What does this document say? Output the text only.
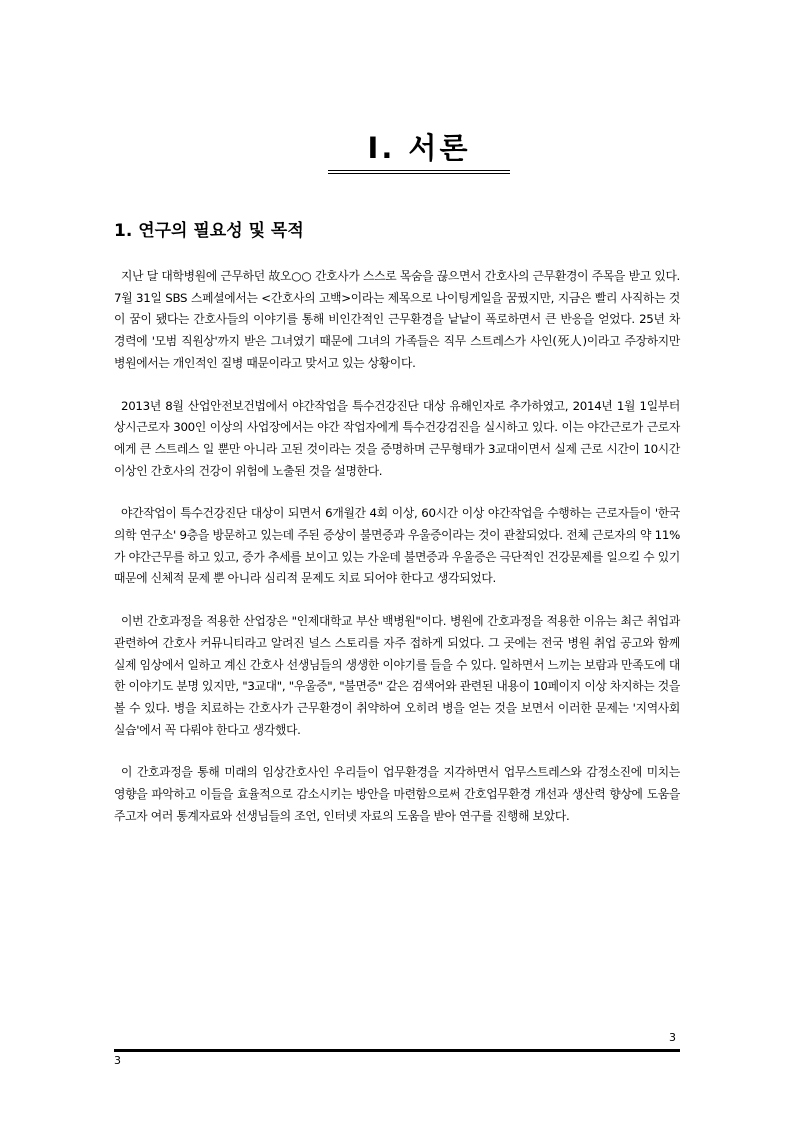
Ⅰ. 서론
1. 연구의 필요성 및 목적

지난 달 대학병원에 근무하던 故오○○ 간호사가 스스로 목숨을 끊으면서 간호사의 근무환경이 주목을 받고 있다. 7월 31일 SBS 스페셜에서는 <간호사의 고백>이라는 제목으로 나이팅게일을 꿈꿨지만, 지금은 빨리 사직하는 것이 꿈이 됐다는 간호사들의 이야기를 통해 비인간적인 근무환경을 낱낱이 폭로하면서 큰 반응을 얻었다. 25년 차 경력에 '모범 직원상'까지 받은 그녀였기 때문에 그녀의 가족들은 직무 스트레스가 사인(死人)이라고 주장하지만 병원에서는 개인적인 질병 때문이라고 맞서고 있는 상황이다.

2013년 8월 산업안전보건법에서 야간작업을 특수건강진단 대상 유해인자로 추가하였고, 2014년 1월 1일부터 상시근로자 300인 이상의 사업장에서는 야간 작업자에게 특수건강검진을 실시하고 있다. 이는 야간근로가 근로자에게 큰 스트레스 일 뿐만 아니라 고된 것이라는 것을 증명하며 근무형태가 3교대이면서 실제 근로 시간이 10시간 이상인 간호사의 건강이 위험에 노출된 것을 설명한다.

야간작업이 특수건강진단 대상이 되면서 6개월간 4회 이상, 60시간 이상 야간작업을 수행하는 근로자들이 '한국 의학 연구소' 9층을 방문하고 있는데 주된 증상이 불면증과 우울증이라는 것이 관찰되었다. 전체 근로자의 약 11%가 야간근무를 하고 있고, 증가 추세를 보이고 있는 가운데 불면증과 우울증은 극단적인 건강문제를 일으킬 수 있기 때문에 신체적 문제 뿐 아니라 심리적 문제도 치료 되어야 한다고 생각되었다.

이번 간호과정을 적용한 산업장은 "인제대학교 부산 백병원"이다. 병원에 간호과정을 적용한 이유는 최근 취업과 관련하여 간호사 커뮤니티라고 알려진 널스 스토리를 자주 접하게 되었다. 그 곳에는 전국 병원 취업 공고와 함께 실제 임상에서 일하고 계신 간호사 선생님들의 생생한 이야기를 들을 수 있다. 일하면서 느끼는 보람과 만족도에 대한 이야기도 분명 있지만, "3교대", "우울증", "불면증" 같은 검색어와 관련된 내용이 10페이지 이상 차지하는 것을 볼 수 있다. 병을 치료하는 간호사가 근무환경이 취약하여 오히려 병을 얻는 것을 보면서 이러한 문제는 '지역사회 실습'에서 꼭 다뤄야 한다고 생각했다.

이 간호과정을 통해 미래의 임상간호사인 우리들이 업무환경을 지각하면서 업무스트레스와 감정소진에 미치는 영향을 파악하고 이들을 효율적으로 감소시키는 방안을 마련함으로써 간호업무환경 개선과 생산력 향상에 도움을 주고자 여러 통계자료와 선생님들의 조언, 인터넷 자료의 도움을 받아 연구를 진행해 보았다.

3
3
